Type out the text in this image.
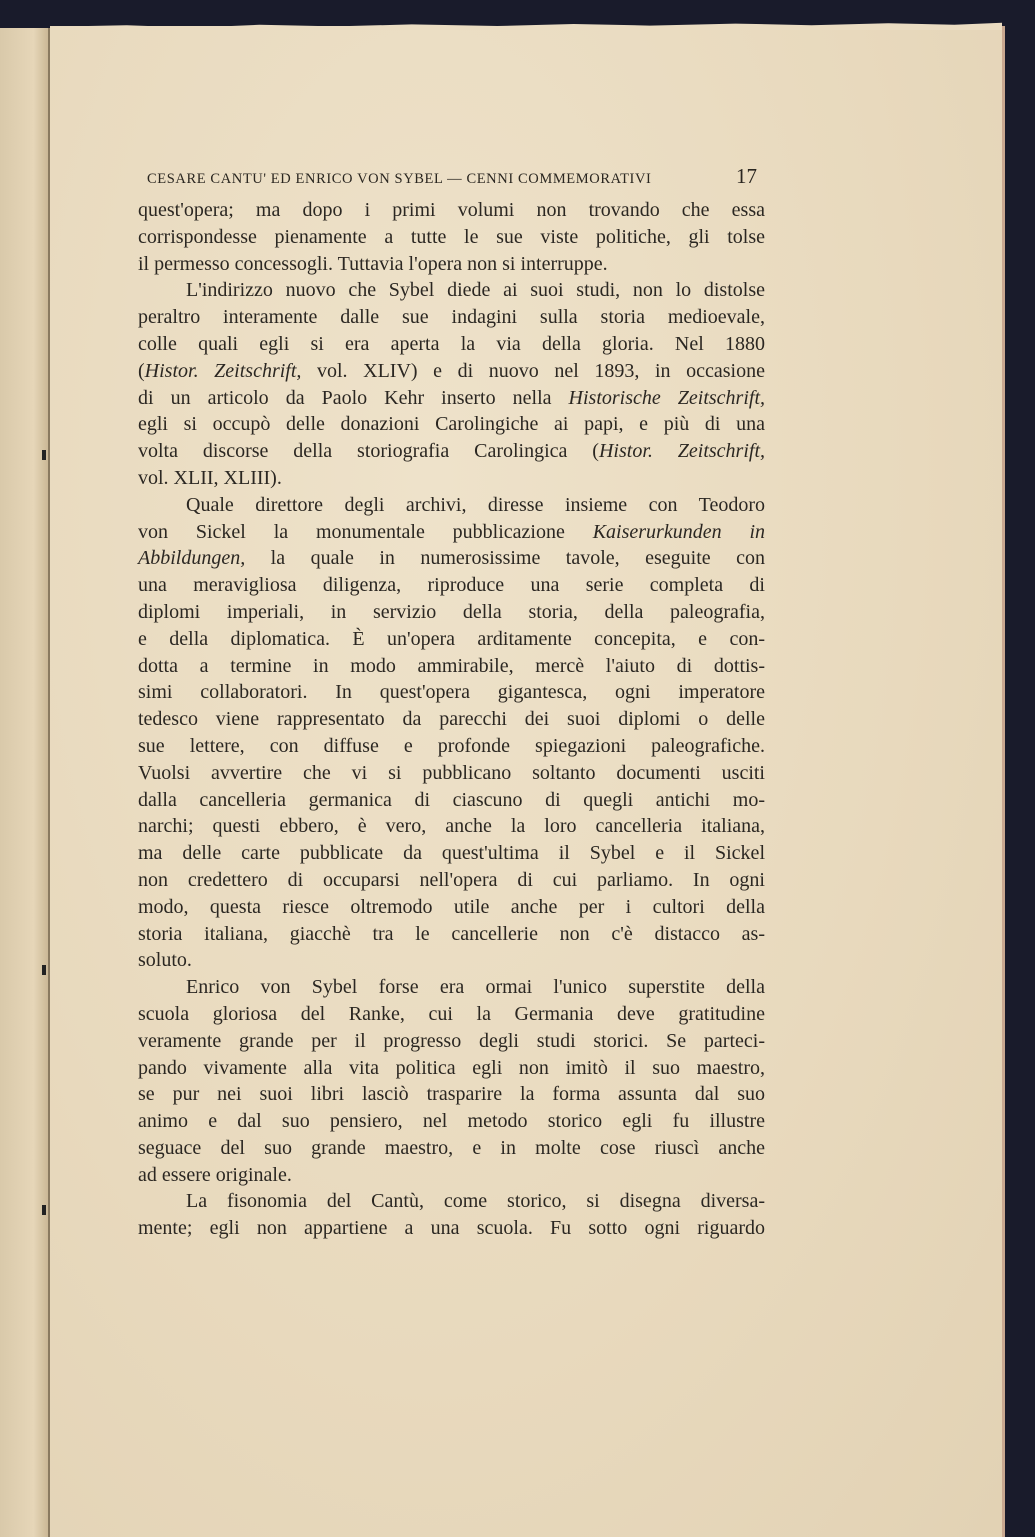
CESARE CANTU' ED ENRICO VON SYBEL — CENNI COMMEMORATIVI	17
quest'opera; ma dopo i primi volumi non trovando che essa
corrispondesse pienamente a tutte le sue viste politiche, gli tolse
il permesso concessogli. Tuttavia l'opera non si interruppe.
L'indirizzo nuovo che Sybel diede ai suoi studi, non lo distolse
peraltro interamente dalle sue indagini sulla storia medioevale,
colle quali egli si era aperta la via della gloria. Nel 1880
(Histor. Zeitschrift, vol. XLIV) e di nuovo nel 1893, in occasione
di un articolo da Paolo Kehr inserto nella Historische Zeitschrift,
egli si occupò delle donazioni Carolingiche ai papi, e più di una
volta discorse della storiografia Carolingica (Histor. Zeitschrift,
vol. XLII, XLIII).
Quale direttore degli archivi, diresse insieme con Teodoro
von Sickel la monumentale pubblicazione Kaiserurkunden in
Abbildungen, la quale in numerosissime tavole, eseguite con
una meravigliosa diligenza, riproduce una serie completa di
diplomi imperiali, in servizio della storia, della paleografia,
e della diplomatica. È un'opera arditamente concepita, e con-
dotta a termine in modo ammirabile, mercè l'aiuto di dottis-
simi collaboratori. In quest'opera gigantesca, ogni imperatore
tedesco viene rappresentato da parecchi dei suoi diplomi o delle
sue lettere, con diffuse e profonde spiegazioni paleografiche.
Vuolsi avvertire che vi si pubblicano soltanto documenti usciti
dalla cancelleria germanica di ciascuno di quegli antichi mo-
narchi; questi ebbero, è vero, anche la loro cancelleria italiana,
ma delle carte pubblicate da quest'ultima il Sybel e il Sickel
non credettero di occuparsi nell'opera di cui parliamo. In ogni
modo, questa riesce oltremodo utile anche per i cultori della
storia italiana, giacchè tra le cancellerie non c'è distacco as-
soluto.
Enrico von Sybel forse era ormai l'unico superstite della
scuola gloriosa del Ranke, cui la Germania deve gratitudine
veramente grande per il progresso degli studi storici. Se parteci-
pando vivamente alla vita politica egli non imitò il suo maestro,
se pur nei suoi libri lasciò trasparire la forma assunta dal suo
animo e dal suo pensiero, nel metodo storico egli fu illustre
seguace del suo grande maestro, e in molte cose riuscì anche
ad essere originale.
La fisonomia del Cantù, come storico, si disegna diversa-
mente; egli non appartiene a una scuola. Fu sotto ogni riguardo
